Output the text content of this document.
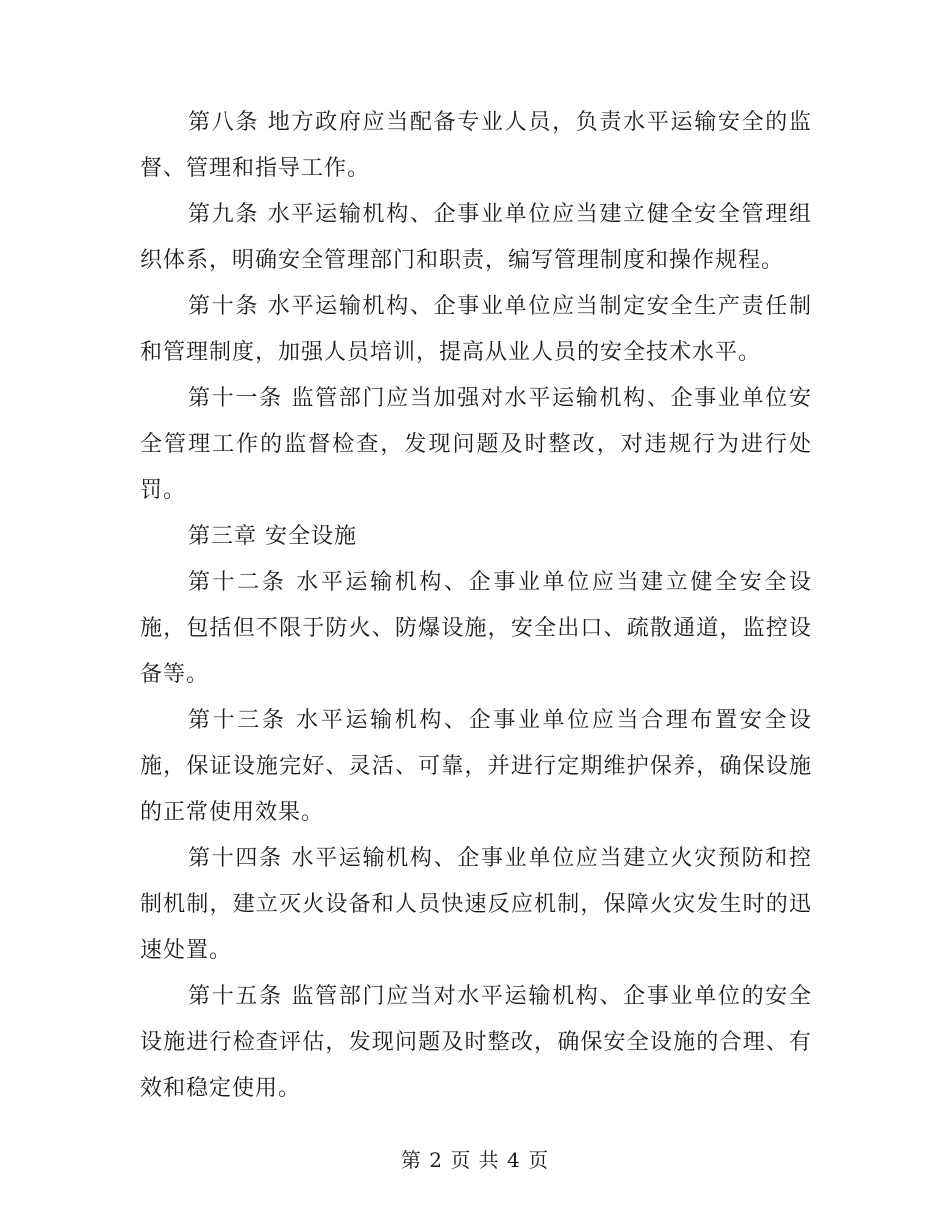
第八条 地方政府应当配备专业人员，负责水平运输安全的监督、管理和指导工作。

第九条 水平运输机构、企事业单位应当建立健全安全管理组织体系，明确安全管理部门和职责，编写管理制度和操作规程。

第十条 水平运输机构、企事业单位应当制定安全生产责任制和管理制度，加强人员培训，提高从业人员的安全技术水平。

第十一条 监管部门应当加强对水平运输机构、企事业单位安全管理工作的监督检查，发现问题及时整改，对违规行为进行处罚。

第三章 安全设施

第十二条 水平运输机构、企事业单位应当建立健全安全设施，包括但不限于防火、防爆设施，安全出口、疏散通道，监控设备等。

第十三条 水平运输机构、企事业单位应当合理布置安全设施，保证设施完好、灵活、可靠，并进行定期维护保养，确保设施的正常使用效果。

第十四条 水平运输机构、企事业单位应当建立火灾预防和控制机制，建立灭火设备和人员快速反应机制，保障火灾发生时的迅速处置。

第十五条 监管部门应当对水平运输机构、企事业单位的安全设施进行检查评估，发现问题及时整改，确保安全设施的合理、有效和稳定使用。

第 2 页 共 4 页
